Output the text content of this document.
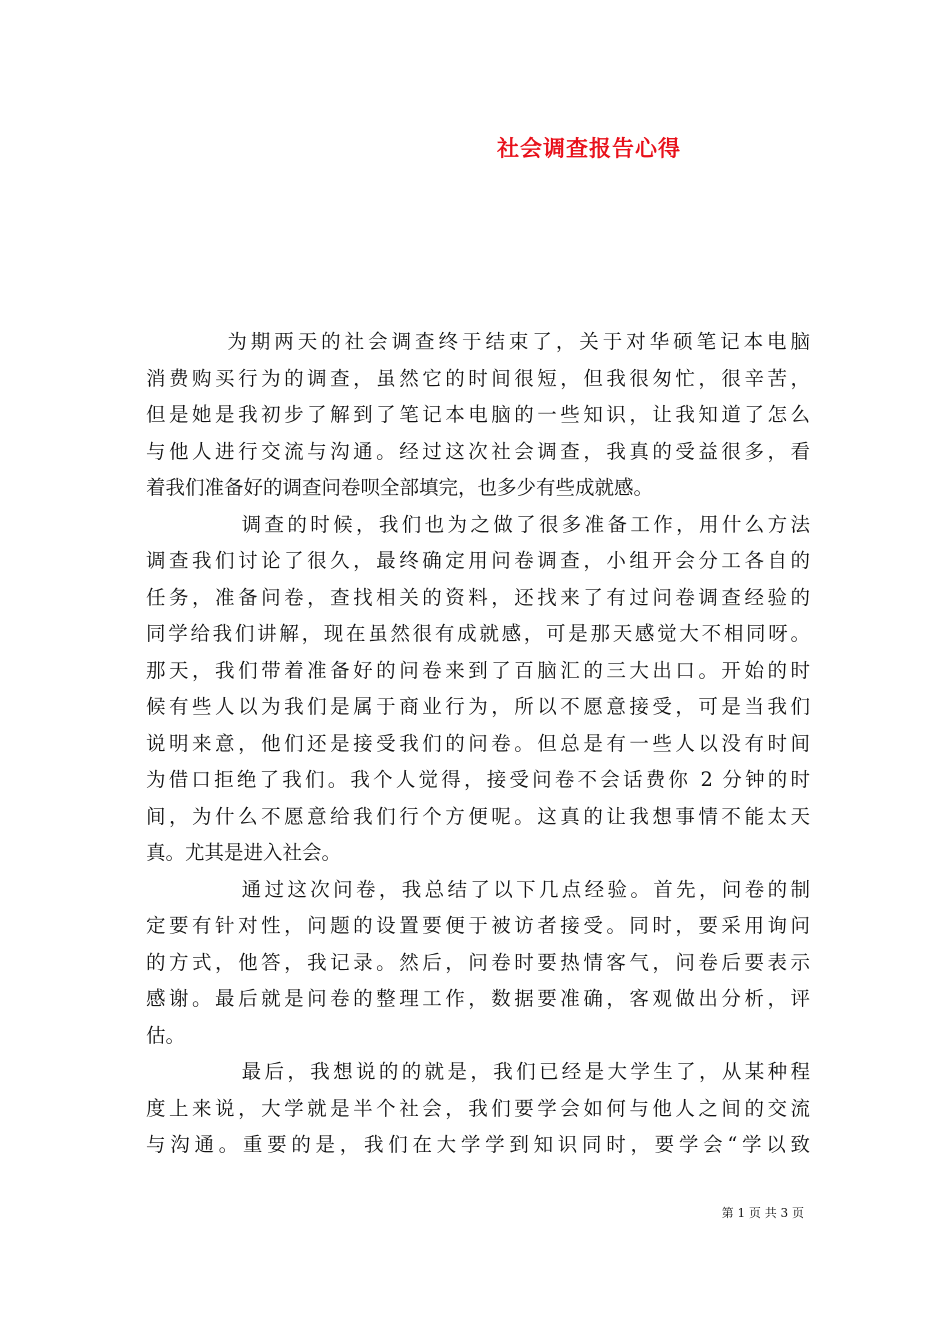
社会调查报告心得
为期两天的社会调查终于结束了，关于对华硕笔记本电脑
消费购买行为的调查，虽然它的时间很短，但我很匆忙，很辛苦，
但是她是我初步了解到了笔记本电脑的一些知识，让我知道了怎么
与他人进行交流与沟通。经过这次社会调查，我真的受益很多，看
着我们准备好的调查问卷呗全部填完，也多少有些成就感。
调查的时候，我们也为之做了很多准备工作，用什么方法
调查我们讨论了很久，最终确定用问卷调查，小组开会分工各自的
任务，准备问卷，查找相关的资料，还找来了有过问卷调查经验的
同学给我们讲解，现在虽然很有成就感，可是那天感觉大不相同呀。
那天，我们带着准备好的问卷来到了百脑汇的三大出口。开始的时
候有些人以为我们是属于商业行为，所以不愿意接受，可是当我们
说明来意，他们还是接受我们的问卷。但总是有一些人以没有时间
为借口拒绝了我们。我个人觉得，接受问卷不会话费你 2 分钟的时
间，为什么不愿意给我们行个方便呢。这真的让我想事情不能太天
真。尤其是进入社会。
通过这次问卷，我总结了以下几点经验。首先，问卷的制
定要有针对性，问题的设置要便于被访者接受。同时，要采用询问
的方式，他答，我记录。然后，问卷时要热情客气，问卷后要表示
感谢。最后就是问卷的整理工作，数据要准确，客观做出分析，评
估。
最后，我想说的的就是，我们已经是大学生了，从某种程
度上来说，大学就是半个社会，我们要学会如何与他人之间的交流
与沟通。重要的是，我们在大学学到知识同时，要学会“学以致
第 1 页 共 3 页
